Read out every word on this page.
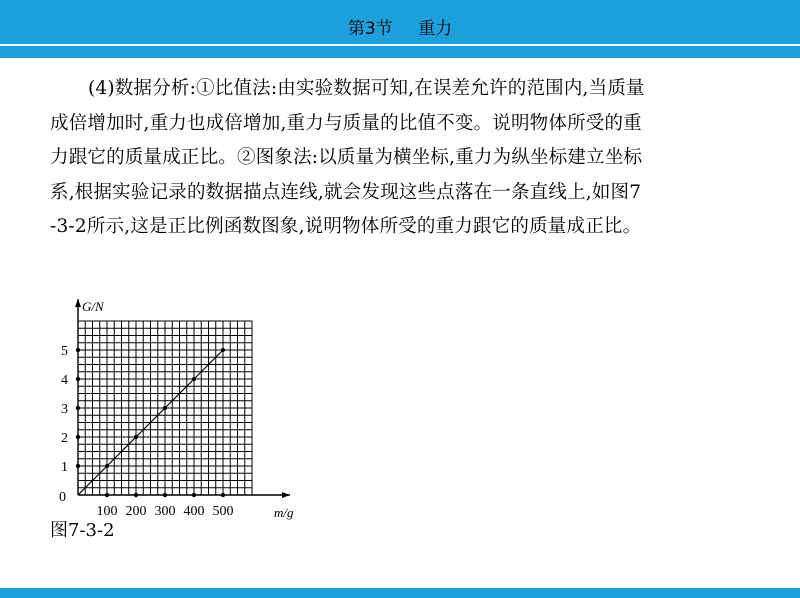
第3节 重力
(4)数据分析:①比值法:由实验数据可知,在误差允许的范围内,当质量
成倍增加时,重力也成倍增加,重力与质量的比值不变。说明物体所受的重
力跟它的质量成正比。②图象法:以质量为横坐标,重力为纵坐标建立坐标
系,根据实验记录的数据描点连线,就会发现这些点落在一条直线上,如图7
-3-2所示,这是正比例函数图象,说明物体所受的重力跟它的质量成正比。
100 200 300 400 500
1
2
3
4
5
0
G/N
m/g
图7-3-2
